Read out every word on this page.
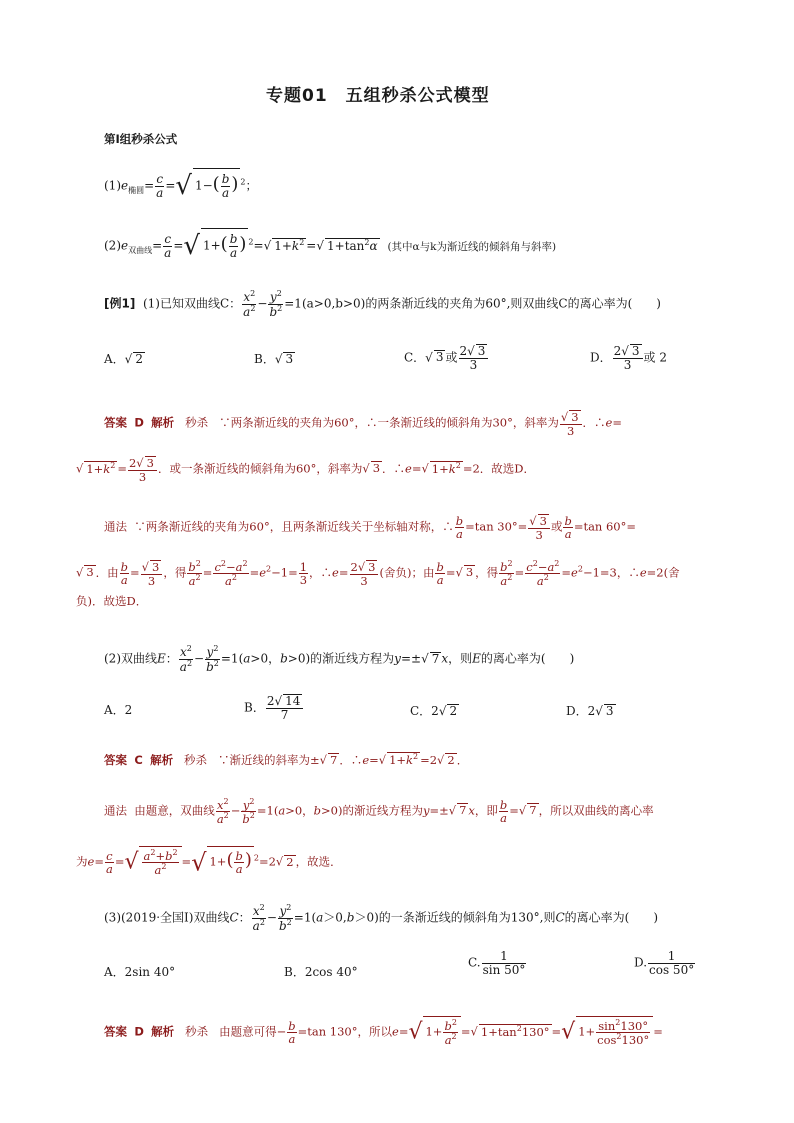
专题01　五组秒杀公式模型
第Ⅰ组秒杀公式
$(1)e_{椭圆}= \frac{c}{a}$ =√ $1-( \frac{b}{a}$ ) $^2$；
$(2)e_{双曲线}= \frac{c}{a}$ =√ $1+( \frac{b}{a}$ ) $^2$=√ $1+k^2$ =√ $1+\tan^2\alpha$ (其中α与k为渐近线的倾斜角与斜率)
[例1] (1)已知双曲线C： $\frac{x^2}{a^2} - \frac{y^2}{b^2} =1(a>0,b>0)$的两条渐近线的夹角为60°,则双曲线C的离心率为(　　)
A．√ 2	B．√ 3	C．√ 3 或 $\frac{2√ 3}{3}$	D． $\frac{2√ 3}{3}$ 或 2
答案 D 解析 秒杀   ∵两条渐近线的夹角为60°，∴一条渐近线的倾斜角为30°，斜率为 $\frac{√ 3}{3}$ ．∴e=
√ $1+k^2 = \frac{2√ 3}{3}$ ．或一条渐近线的倾斜角为60°，斜率为√ 3 ．∴e=√ $1+k^2 =2$．故选D．
通法  ∵两条渐近线的夹角为60°，且两条渐近线关于坐标轴对称，∴ $\frac{b}{a} =\tan$ $30^\circ= \frac{√ 3}{3}$ 或 $\frac{b}{a} =\tan$ 60°=
√ 3 ．由 $\frac{b}{a} = \frac{√ 3}{3}$ ，得 $\frac{b^2}{a^2} = \frac{c^2-a^2}{a^2} =e^2-1= \frac{1}{3}$ ，∴e= $\frac{2√ 3}{3}$ (舍负)；由 $\frac{b}{a}$ =√ 3 ，得 $\frac{b^2}{a^2} = \frac{c^2-a^2}{a^2} =e^2-1=3$，∴e=2(舍
负)．故选D．
(2)双曲线E： $\frac{x^2}{a^2} - \frac{y^2}{b^2} =1(a>0$，b>0)的渐近线方程为y=±√ 7 x，则E的离心率为(　　)
A．2	B． $\frac{2√ 14}{7}$	C．2√ 2	D．2√ 3
答案 C 解析 秒杀   ∵渐近线的斜率为±√ 7 ．∴e=√ $1+k^2 =2√$ 2 ．
通法  由题意，双曲线 $\frac{x^2}{a^2} - \frac{y^2}{b^2} =1(a>0$，b>0)的渐近线方程为y=±√ 7 x，即 $\frac{b}{a}$ =√ 7 ，所以双曲线的离心率
为$e= \frac{c}{a}$ =√ $\frac{a^2+b^2}{a^2}$ =√ $1+( \frac{b}{a}$ ) $^2$=2√ 2 ，故选．
(3)(2019·全国Ⅰ)双曲线C： $\frac{x^2}{a^2} - \frac{y^2}{b^2} =1(a>0,b>0)$的一条渐近线的倾斜角为130°,则C的离心率为(　　)
A．2sin 40°	B．2cos 40°
C. $\frac{1}{\sin 50^\circ}$	D. $\frac{1}{\cos 50^\circ}$
答案 D 解析 秒杀   由题意可得− $\frac{b}{a} =\tan$ 130°，所以e=√ $1+ \frac{b^2}{a^2}$ =√ $1+\tan^2130^\circ$ =√ $1+ \frac{\sin^2130^\circ}{\cos^2130^\circ}$ =
